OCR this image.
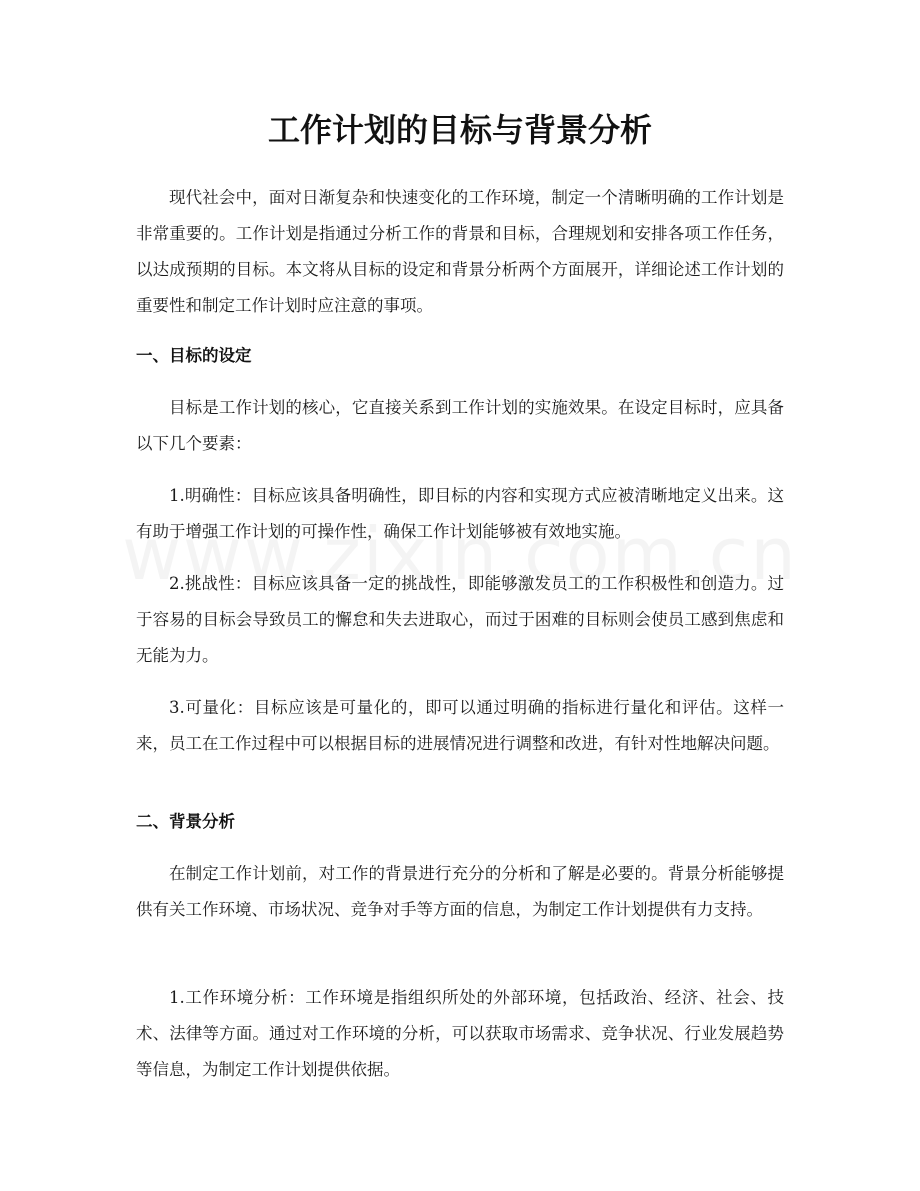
工作计划的目标与背景分析

现代社会中，面对日渐复杂和快速变化的工作环境，制定一个清晰明确的工作计划是非常重要的。工作计划是指通过分析工作的背景和目标，合理规划和安排各项工作任务，以达成预期的目标。本文将从目标的设定和背景分析两个方面展开，详细论述工作计划的重要性和制定工作计划时应注意的事项。

一、目标的设定

目标是工作计划的核心，它直接关系到工作计划的实施效果。在设定目标时，应具备以下几个要素：

1.明确性：目标应该具备明确性，即目标的内容和实现方式应被清晰地定义出来。这有助于增强工作计划的可操作性，确保工作计划能够被有效地实施。

2.挑战性：目标应该具备一定的挑战性，即能够激发员工的工作积极性和创造力。过于容易的目标会导致员工的懈怠和失去进取心，而过于困难的目标则会使员工感到焦虑和无能为力。

3.可量化：目标应该是可量化的，即可以通过明确的指标进行量化和评估。这样一来，员工在工作过程中可以根据目标的进展情况进行调整和改进，有针对性地解决问题。

二、背景分析

在制定工作计划前，对工作的背景进行充分的分析和了解是必要的。背景分析能够提供有关工作环境、市场状况、竞争对手等方面的信息，为制定工作计划提供有力支持。

1.工作环境分析：工作环境是指组织所处的外部环境，包括政治、经济、社会、技术、法律等方面。通过对工作环境的分析，可以获取市场需求、竞争状况、行业发展趋势等信息，为制定工作计划提供依据。
